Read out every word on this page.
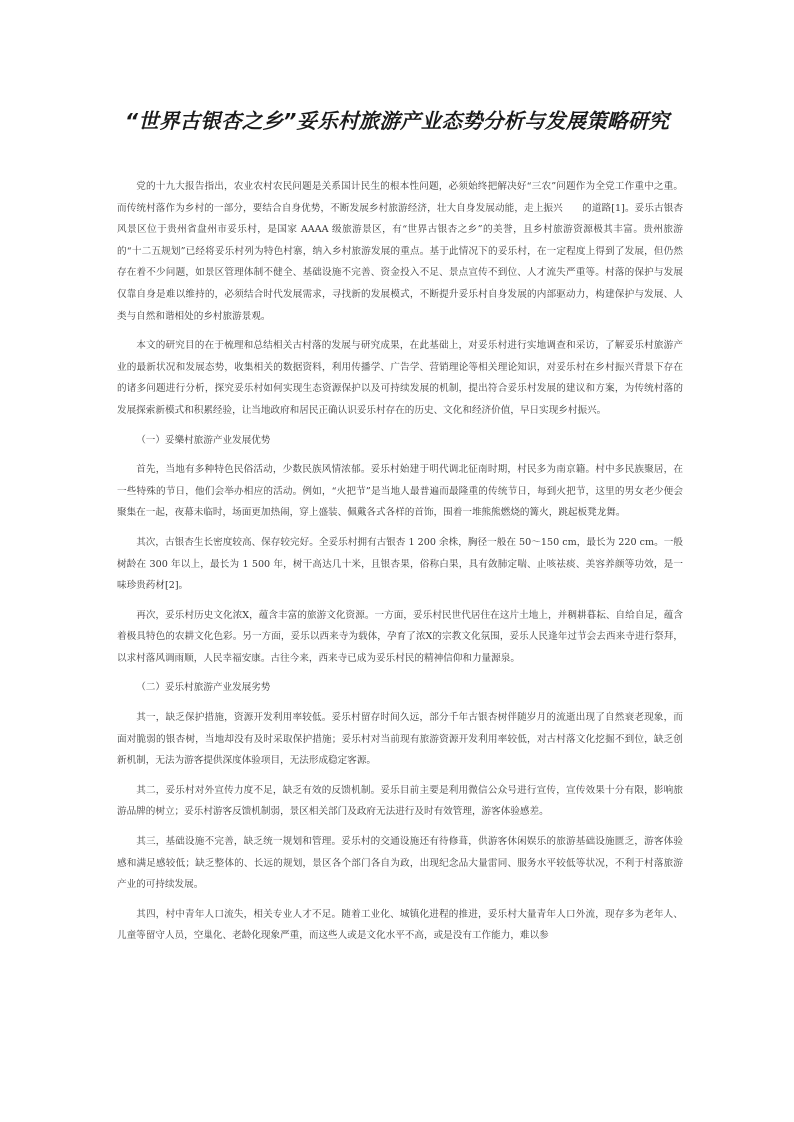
“世界古银杏之乡”妥乐村旅游产业态势分析与发展策略研究

党的十九大报告指出，农业农村农民问题是关系国计民生的根本性问题，必须始终把解决好“三农”问题作为全党工作重中之重。而传统村落作为乡村的一部分，要结合自身优势，不断发展乡村旅游经济，壮大自身发展动能，走上振兴　　的道路[1]。妥乐古银杏风景区位于贵州省盘州市妥乐村，是国家 AAAA 级旅游景区，有“世界古银杏之乡”的美誉，且乡村旅游资源极其丰富。贵州旅游的“十二五规划”已经将妥乐村列为特色村寨，纳入乡村旅游发展的重点。基于此情况下的妥乐村，在一定程度上得到了发展，但仍然存在着不少问题，如景区管理体制不健全、基础设施不完善、资金投入不足、景点宣传不到位、人才流失严重等。村落的保护与发展仅靠自身是难以维持的，必须结合时代发展需求，寻找新的发展模式，不断提升妥乐村自身发展的内部驱动力，构建保护与发展、人类与自然和谐相处的乡村旅游景观。

本文的研究目的在于梳理和总结相关古村落的发展与研究成果，在此基础上，对妥乐村进行实地调查和采访，了解妥乐村旅游产业的最新状况和发展态势，收集相关的数据资料，利用传播学、广告学、营销理论等相关理论知识，对妥乐村在乡村振兴背景下存在的诸多问题进行分析，探究妥乐村如何实现生态资源保护以及可持续发展的机制，提出符合妥乐村发展的建议和方案，为传统村落的发展探索新模式和积累经验，让当地政府和居民正确认识妥乐村存在的历史、文化和经济价值，早日实现乡村振兴。

（一）妥樂村旅游产业发展优势

首先，当地有多种特色民俗活动，少数民族风情浓郁。妥乐村始建于明代调北征南时期，村民多为南京籍。村中多民族聚居，在一些特殊的节日，他们会举办相应的活动。例如，“火把节”是当地人最普遍而最隆重的传统节日，每到火把节，这里的男女老少便会聚集在一起，夜幕未临时，场面更加热闹，穿上盛装、佩戴各式各样的首饰，围着一堆熊熊燃烧的篝火，跳起板凳龙舞。

其次，古银杏生长密度较高、保存较完好。全妥乐村拥有古银杏 1 200 余株，胸径一般在 50～150 cm，最长为 220 cm。一般树龄在 300 年以上，最长为 1 500 年，树干高达几十米，且银杏果，俗称白果，具有敛肺定喘、止咳祛痰、美容养颜等功效，是一味珍贵药材[2]。

再次，妥乐村历史文化浓X，蕴含丰富的旅游文化资源。一方面，妥乐村民世代居住在这片土地上，并稠耕暮耘、自给自足，蕴含着极具特色的农耕文化色彩。另一方面，妥乐以西来寺为载体，孕育了浓X的宗教文化氛围，妥乐人民逢年过节会去西来寺进行祭拜，以求村落风调雨顺，人民幸福安康。古往今来，西来寺已成为妥乐村民的精神信仰和力量源泉。

（二）妥乐村旅游产业发展劣势

其一，缺乏保护措施，资源开发利用率较低。妥乐村留存时间久远，部分千年古银杏树伴随岁月的流逝出现了自然衰老现象，而面对脆弱的银杏树，当地却没有及时采取保护措施；妥乐村对当前现有旅游资源开发利用率较低，对古村落文化挖掘不到位，缺乏创新机制，无法为游客提供深度体验项目，无法形成稳定客源。

其二，妥乐村对外宣传力度不足，缺乏有效的反馈机制。妥乐目前主要是利用微信公众号进行宣传，宣传效果十分有限，影响旅游品牌的树立；妥乐村游客反馈机制弱，景区相关部门及政府无法进行及时有效管理，游客体验感差。

其三，基础设施不完善，缺乏统一规划和管理。妥乐村的交通设施还有待修葺，供游客休闲娱乐的旅游基础设施匮乏，游客体验感和满足感较低；缺乏整体的、长远的规划，景区各个部门各自为政，出现纪念品大量雷同、服务水平较低等状况，不利于村落旅游产业的可持续发展。

其四，村中青年人口流失，相关专业人才不足。随着工业化、城镇化进程的推进，妥乐村大量青年人口外流，现存多为老年人、儿童等留守人员，空巢化、老龄化现象严重，而这些人或是文化水平不高，或是没有工作能力，难以参
